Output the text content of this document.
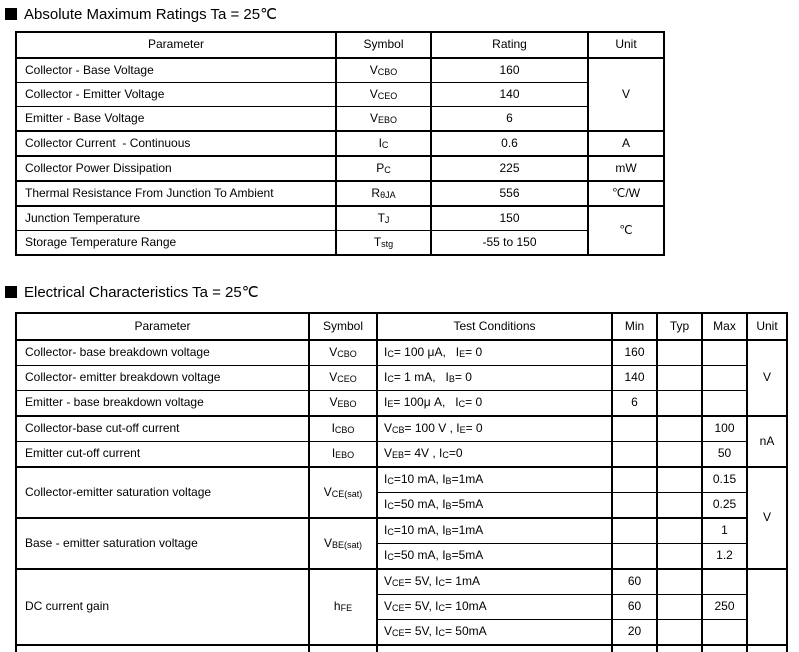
Absolute Maximum Ratings Ta = 25℃
Parameter	Symbol	Rating	Unit
Collector - Base Voltage	$V_{CBO}$	160	V
Collector - Emitter Voltage	$V_{CEO}$	140	
Emitter - Base Voltage	$V_{EBO}$	6	
Collector Current  - Continuous	$I_C$	0.6	A
Collector Power Dissipation	$P_C$	225	mW
Thermal Resistance From Junction To Ambient	$R_{\theta JA}$	556	℃/W
Junction Temperature	$T_J$	150	℃
Storage Temperature Range	$T_{stg}$	-55 to 150	
Electrical Characteristics Ta = 25℃
Parameter	Symbol	Test Conditions	Min	Typ	Max	Unit
Collector- base breakdown voltage	$V_{CBO}$	$I_C= 100$ μA,   $I_E= 0$	160			V
Collector- emitter breakdown voltage	$V_{CEO}$	$I_C= 1$ mA,   $I_B= 0$	140			
Emitter - base breakdown voltage	$V_{EBO}$	$I_E= 100\mu$ A,   $I_C= 0$	6			
Collector-base cut-off current	$I_{CBO}$	$V_{CB}= 100$ V , $I_E= 0$			100	nA
Emitter cut-off current	$I_{EBO}$	$V_{EB}= 4V$ , $I_C=0$			50	
Collector-emitter saturation voltage	$V_{CE(sat)}$	$I_C=10$ mA, $I_B=1mA$			0.15	V
		$I_C=50$ mA, $I_B=5mA$			0.25	
Base - emitter saturation voltage	$V_{BE(sat)}$	$I_C=10$ mA, $I_B=1mA$			1	
		$I_C=50$ mA, $I_B=5mA$			1.2	
DC current gain	$h_{FE}$	$V_{CE}= 5V$, $I_C= 1mA$	60			
		$V_{CE}= 5V$, $I_C= 10mA$	60		250	
		$V_{CE}= 5V$, $I_C= 50mA$	20			
